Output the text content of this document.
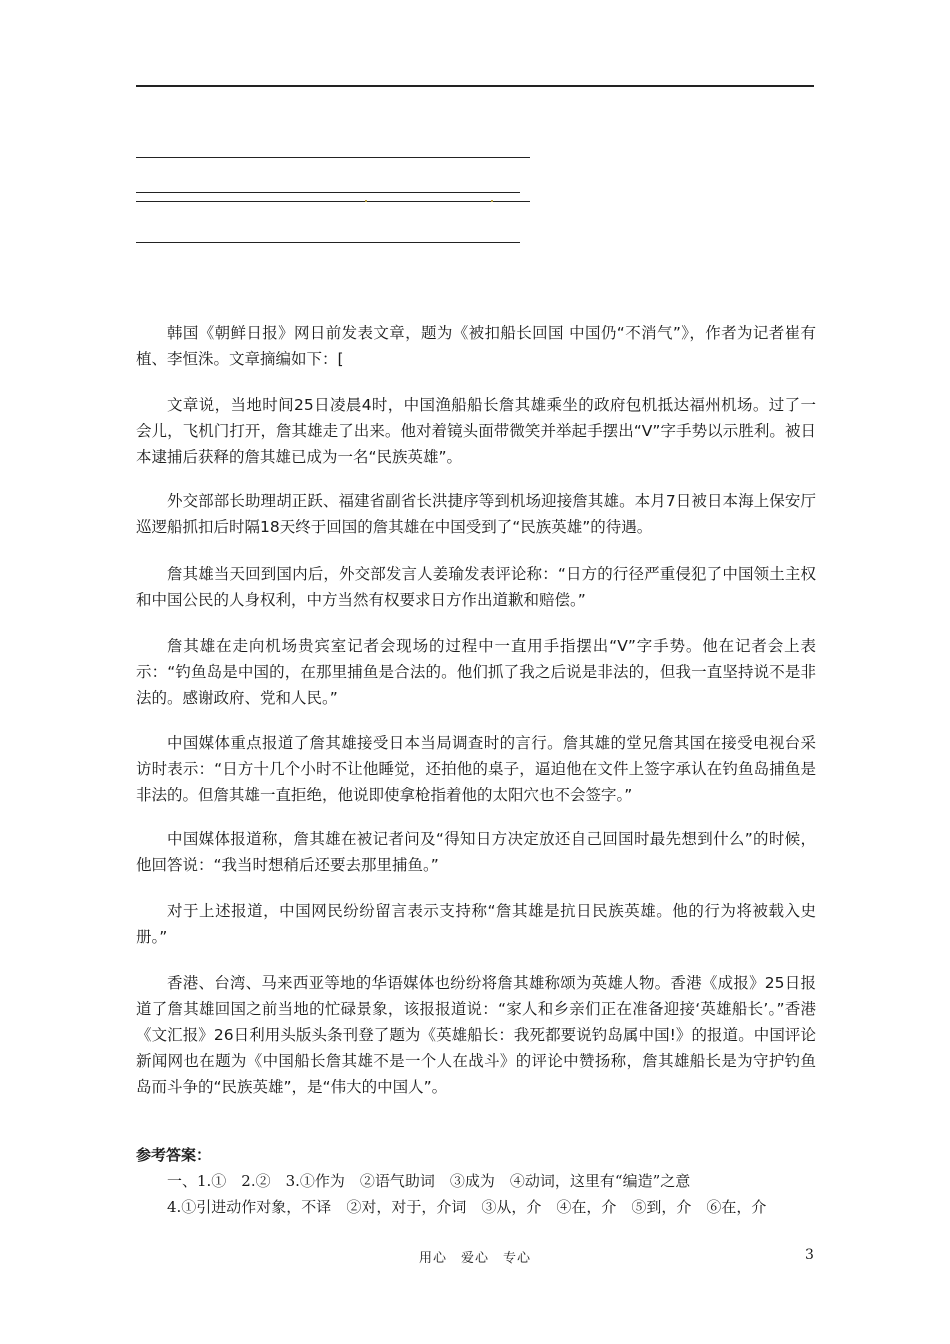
韩国《朝鲜日报》网日前发表文章，题为《被扣船长回国 中国仍“不消气”》，作者为记者崔有植、李恒洙。文章摘编如下：[

文章说，当地时间25日凌晨4时，中国渔船船长詹其雄乘坐的政府包机抵达福州机场。过了一会儿，飞机门打开，詹其雄走了出来。他对着镜头面带微笑并举起手摆出“V”字手势以示胜利。被日本逮捕后获释的詹其雄已成为一名“民族英雄”。

外交部部长助理胡正跃、福建省副省长洪捷序等到机场迎接詹其雄。本月7日被日本海上保安厅巡逻船抓扣后时隔18天终于回国的詹其雄在中国受到了“民族英雄”的待遇。

詹其雄当天回到国内后，外交部发言人姜瑜发表评论称：“日方的行径严重侵犯了中国领土主权和中国公民的人身权利，中方当然有权要求日方作出道歉和赔偿。”

詹其雄在走向机场贵宾室记者会现场的过程中一直用手指摆出“V”字手势。他在记者会上表示：“钓鱼岛是中国的，在那里捕鱼是合法的。他们抓了我之后说是非法的，但我一直坚持说不是非法的。感谢政府、党和人民。”

中国媒体重点报道了詹其雄接受日本当局调查时的言行。詹其雄的堂兄詹其国在接受电视台采访时表示：“日方十几个小时不让他睡觉，还拍他的桌子，逼迫他在文件上签字承认在钓鱼岛捕鱼是非法的。但詹其雄一直拒绝，他说即使拿枪指着他的太阳穴也不会签字。”

中国媒体报道称，詹其雄在被记者问及“得知日方决定放还自己回国时最先想到什么”的时候，他回答说：“我当时想稍后还要去那里捕鱼。”

对于上述报道，中国网民纷纷留言表示支持称“詹其雄是抗日民族英雄。他的行为将被载入史册。”

香港、台湾、马来西亚等地的华语媒体也纷纷将詹其雄称颂为英雄人物。香港《成报》25日报道了詹其雄回国之前当地的忙碌景象，该报报道说：“家人和乡亲们正在准备迎接‘英雄船长’。”香港《文汇报》26日利用头版头条刊登了题为《英雄船长：我死都要说钓岛属中国!》的报道。中国评论新闻网也在题为《中国船长詹其雄不是一个人在战斗》的评论中赞扬称，詹其雄船长是为守护钓鱼岛而斗争的“民族英雄”，是“伟大的中国人”。

参考答案：

一、1.①　2.②　3.①作为　②语气助词　③成为　④动词，这里有“编造”之意

4.①引进动作对象，不译　②对，对于，介词　③从，介　④在，介　⑤到，介　⑥在，介

用心　爱心　专心	3
